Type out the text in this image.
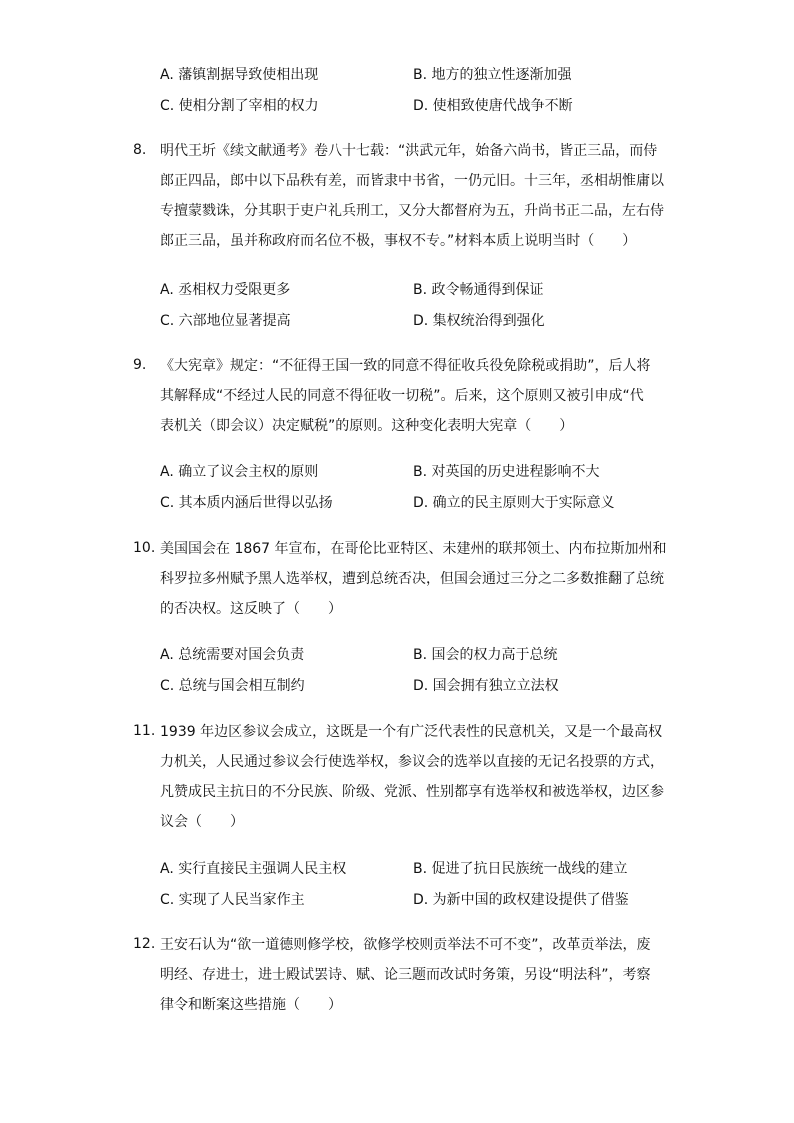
A. 藩镇割据导致使相出现	B. 地方的独立性逐渐加强
C. 使相分割了宰相的权力	D. 使相致使唐代战争不断
8. 明代王圻《续文献通考》卷八十七载：“洪武元年，始备六尚书，皆正三品，而侍
郎正四品，郎中以下品秩有差，而皆隶中书省，一仍元旧。十三年，丞相胡惟庸以
专擅蒙戮诛，分其职于吏户礼兵刑工，又分大都督府为五，升尚书正二品，左右侍
郎正三品，虽并称政府而名位不极，事权不专。”材料本质上说明当时（　　）
A. 丞相权力受限更多	B. 政令畅通得到保证
C. 六部地位显著提高	D. 集权统治得到强化
9. 《大宪章》规定：“不征得王国一致的同意不得征收兵役免除税或捐助”，后人将
其解释成“不经过人民的同意不得征收一切税”。后来，这个原则又被引申成“代
表机关（即会议）决定赋税”的原则。这种变化表明大宪章（　　）
A. 确立了议会主权的原则	B. 对英国的历史进程影响不大
C. 其本质内涵后世得以弘扬	D. 确立的民主原则大于实际意义
10. 美国国会在 1867 年宣布，在哥伦比亚特区、未建州的联邦领土、内布拉斯加州和
科罗拉多州赋予黑人选举权，遭到总统否决，但国会通过三分之二多数推翻了总统
的否决权。这反映了（　　）
A. 总统需要对国会负责	B. 国会的权力高于总统
C. 总统与国会相互制约	D. 国会拥有独立立法权
11. 1939 年边区参议会成立，这既是一个有广泛代表性的民意机关，又是一个最高权
力机关，人民通过参议会行使选举权，参议会的选举以直接的无记名投票的方式，
凡赞成民主抗日的不分民族、阶级、党派、性别都享有选举权和被选举权，边区参
议会（　　）
A. 实行直接民主强调人民主权	B. 促进了抗日民族统一战线的建立
C. 实现了人民当家作主	D. 为新中国的政权建设提供了借鉴
12. 王安石认为“欲一道德则修学校，欲修学校则贡举法不可不变”，改革贡举法，废
明经、存进士，进士殿试罢诗、赋、论三题而改试时务策，另设“明法科”，考察
律令和断案这些措施（　　）
